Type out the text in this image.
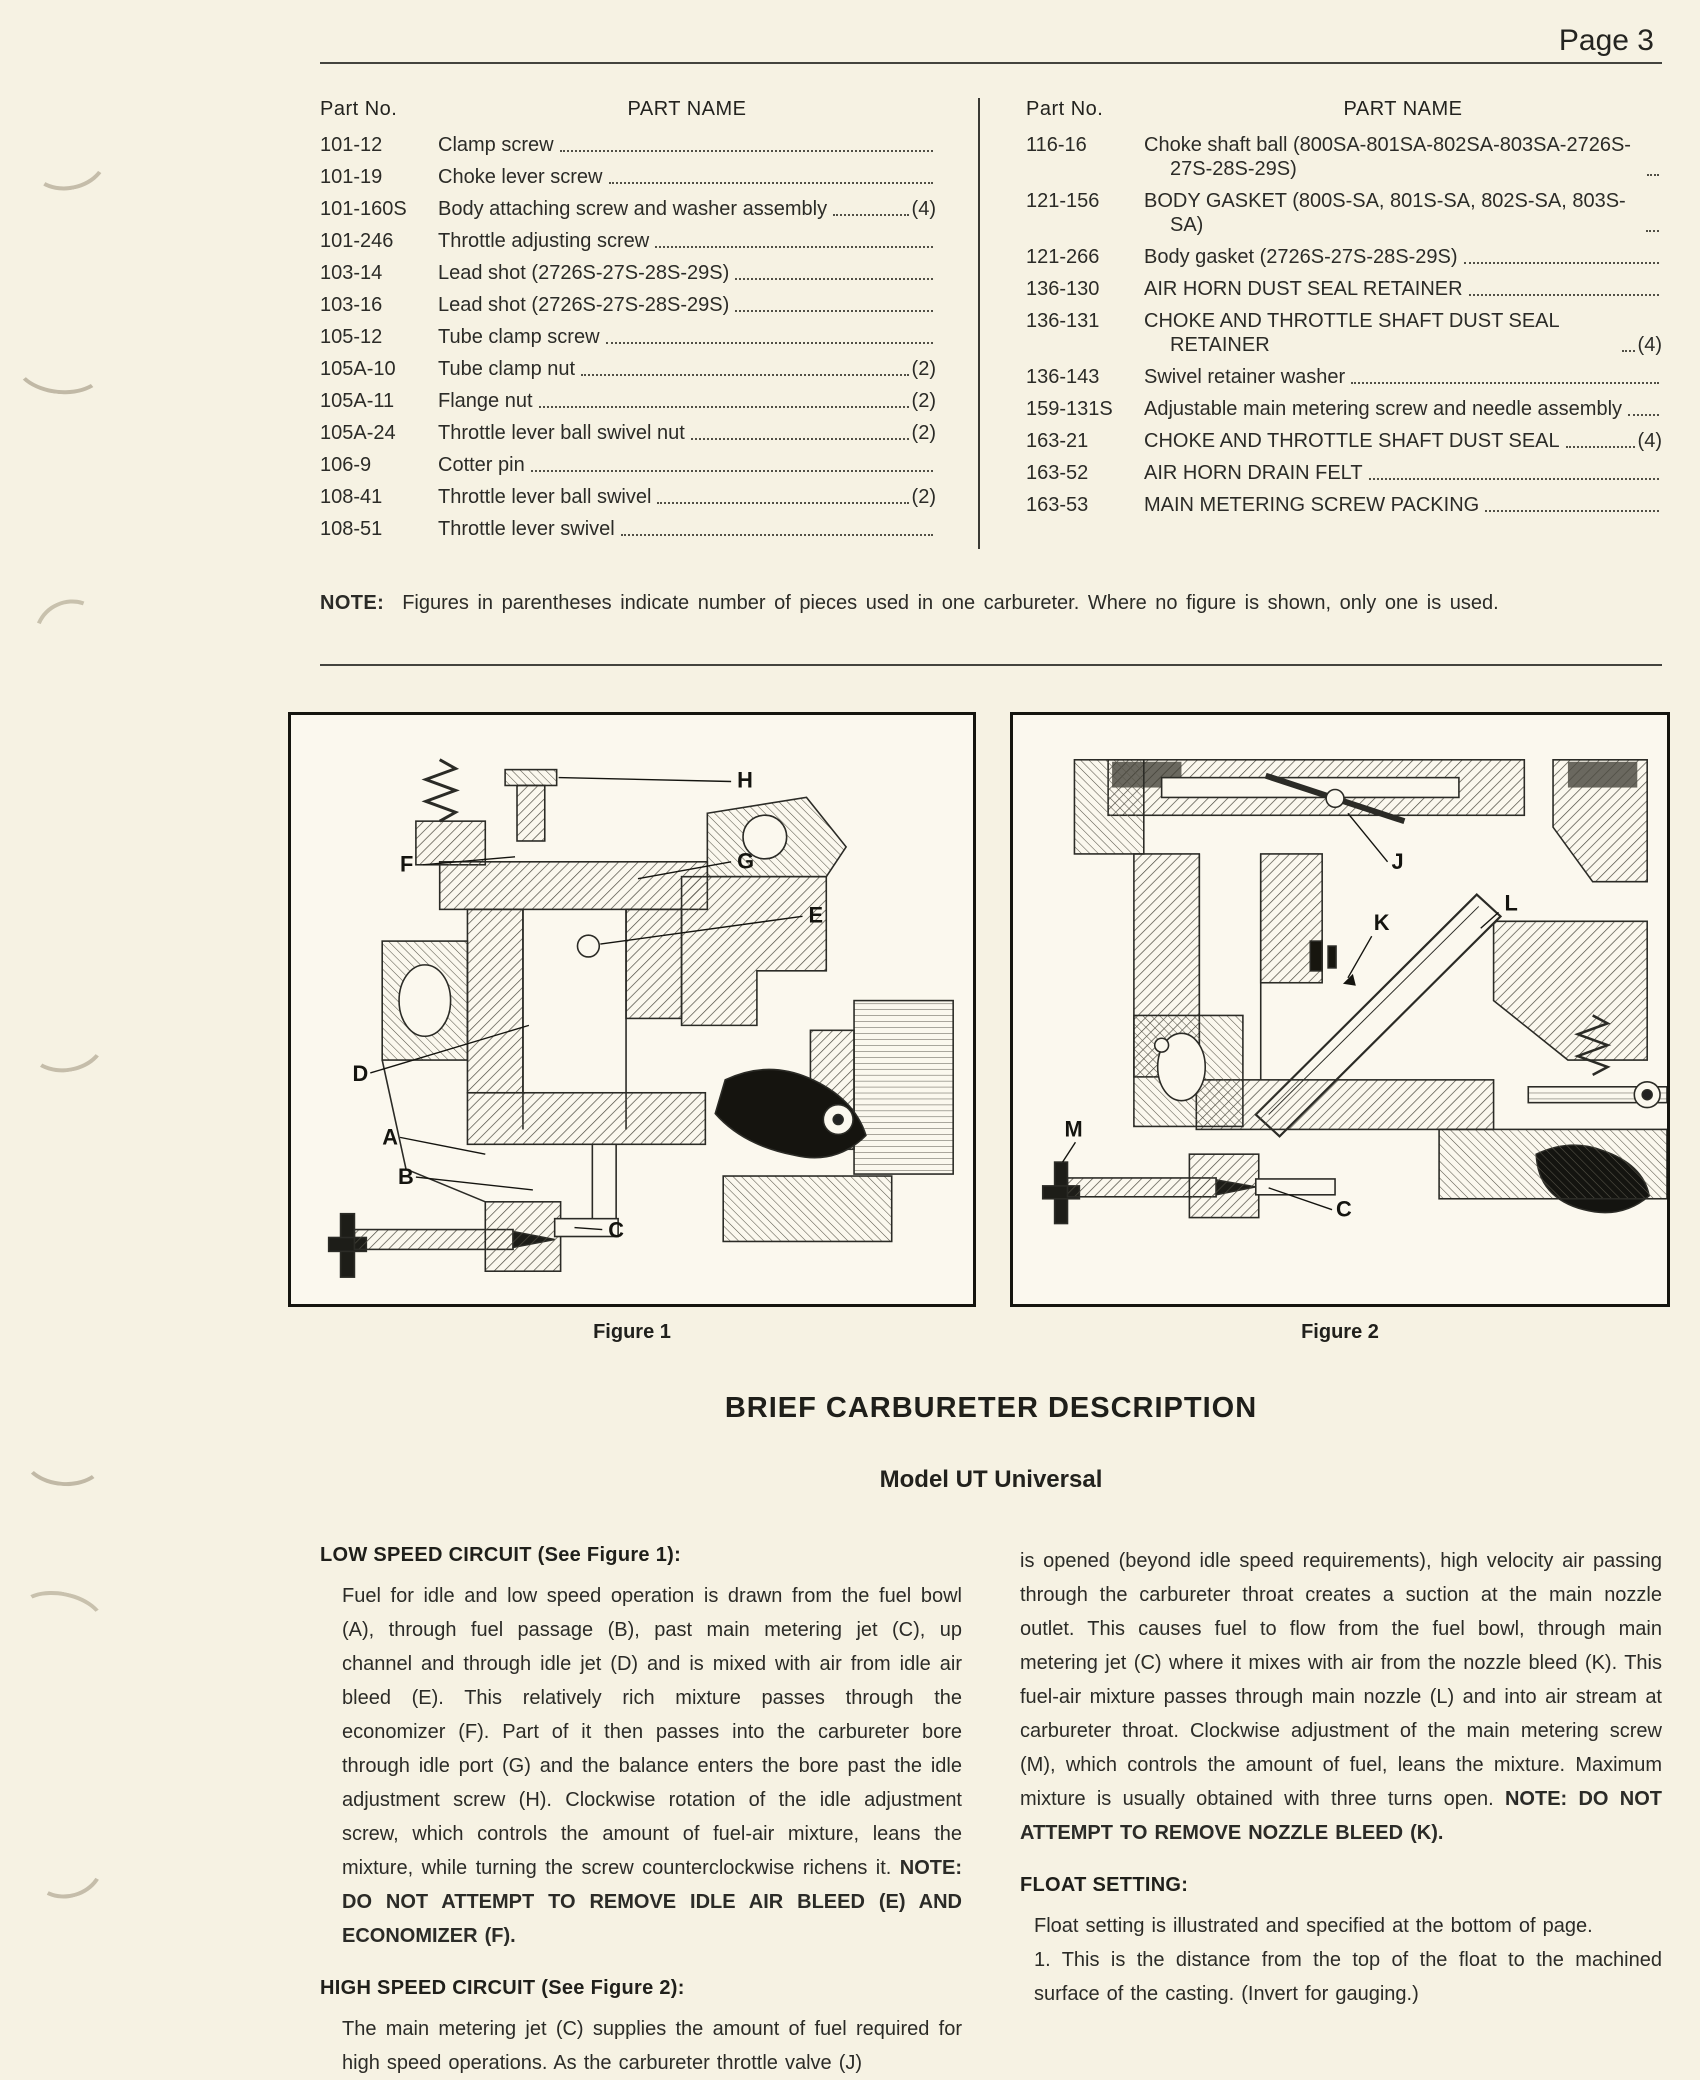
Page 3
Part No.	PART NAME
101-12	Clamp screw
101-19	Choke lever screw
101-160S	Body attaching screw and washer assembly	(4)
101-246	Throttle adjusting screw
103-14	Lead shot (2726S-27S-28S-29S)
103-16	Lead shot (2726S-27S-28S-29S)
105-12	Tube clamp screw
105A-10	Tube clamp nut	(2)
105A-11	Flange nut	(2)
105A-24	Throttle lever ball swivel nut	(2)
106-9	Cotter pin
108-41	Throttle lever ball swivel	(2)
108-51	Throttle lever swivel
Part No.	PART NAME
116-16	Choke shaft ball (800SA-801SA-802SA-803SA-2726S-27S-28S-29S)
121-156	BODY GASKET (800S-SA, 801S-SA, 802S-SA, 803S-SA)
121-266	Body gasket (2726S-27S-28S-29S)
136-130	AIR HORN DUST SEAL RETAINER
136-131	CHOKE AND THROTTLE SHAFT DUST SEAL RETAINER	(4)
136-143	Swivel retainer washer
159-131S	Adjustable main metering screw and needle assembly
163-21	CHOKE AND THROTTLE SHAFT DUST SEAL	(4)
163-52	AIR HORN DRAIN FELT
163-53	MAIN METERING SCREW PACKING
NOTE: Figures in parentheses indicate number of pieces used in one carbureter. Where no figure is shown, only one is used.
H
G
F
E
D
A
B
C
Figure 1
J
K
L
M
C
Figure 2
BRIEF CARBURETER DESCRIPTION
Model UT Universal
LOW SPEED CIRCUIT (See Figure 1):
Fuel for idle and low speed operation is drawn from the fuel bowl (A), through fuel passage (B), past main metering jet (C), up channel and through idle jet (D) and is mixed with air from idle air bleed (E). This relatively rich mixture passes through the economizer (F). Part of it then passes into the carbureter bore through idle port (G) and the balance enters the bore past the idle adjustment screw (H). Clockwise rotation of the idle adjustment screw, which controls the amount of fuel-air mixture, leans the mixture, while turning the screw counterclockwise richens it. NOTE: DO NOT ATTEMPT TO REMOVE IDLE AIR BLEED (E) AND ECONOMIZER (F).
HIGH SPEED CIRCUIT (See Figure 2):
The main metering jet (C) supplies the amount of fuel required for high speed operations. As the carbureter throttle valve (J)
is opened (beyond idle speed requirements), high velocity air passing through the carbureter throat creates a suction at the main nozzle outlet. This causes fuel to flow from the fuel bowl, through main metering jet (C) where it mixes with air from the nozzle bleed (K). This fuel-air mixture passes through main nozzle (L) and into air stream at carbureter throat. Clockwise adjustment of the main metering screw (M), which controls the amount of fuel, leans the mixture. Maximum mixture is usually obtained with three turns open. NOTE: DO NOT ATTEMPT TO REMOVE NOZZLE BLEED (K).
FLOAT SETTING:
Float setting is illustrated and specified at the bottom of page.
1. This is the distance from the top of the float to the machined surface of the casting. (Invert for gauging.)
